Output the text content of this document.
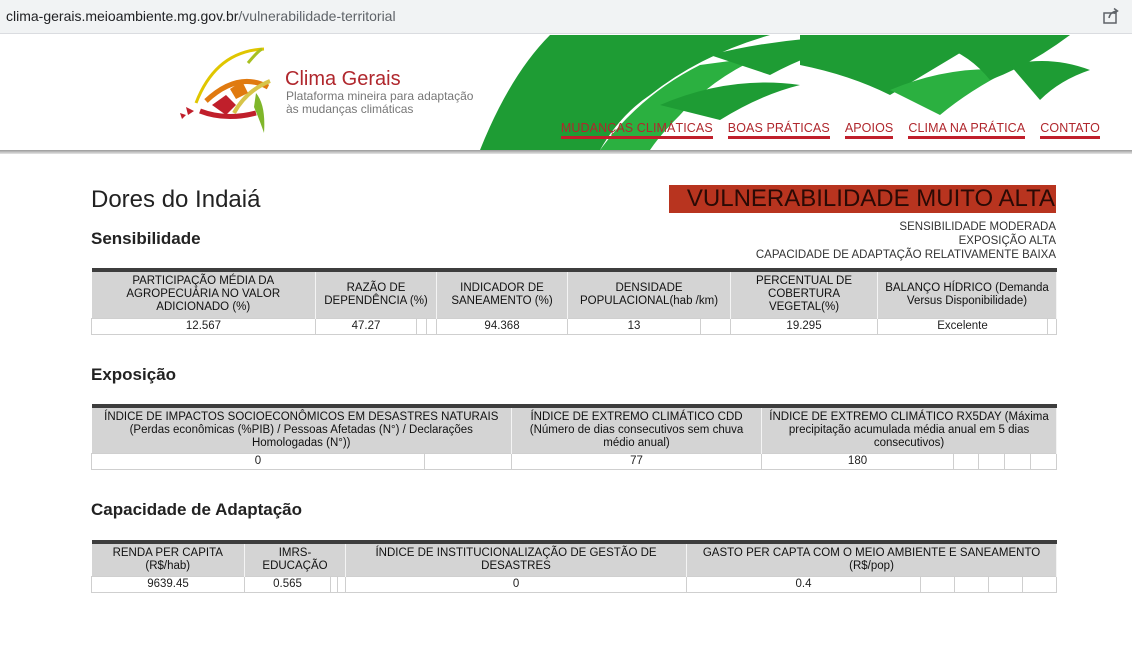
clima-gerais.meioambiente.mg.gov.br/vulnerabilidade-territorial
Clima Gerais
Plataforma mineira para adaptação
às mudanças climáticas
MUDANÇAS CLIMÁTICAS BOAS PRÁTICAS APOIOS CLIMA NA PRÁTICA CONTATO
Dores do Indaiá	VULNERABILIDADE MUITO ALTA
SENSIBILIDADE MODERADA
EXPOSIÇÃO ALTA
CAPACIDADE DE ADAPTAÇÃO RELATIVAMENTE BAIXA
Sensibilidade
PARTICIPAÇÃO MÉDIA DA AGROPECUÁRIA NO VALOR ADICIONADO (%)	RAZÃO DE DEPENDÊNCIA (%)			INDICADOR DE SANEAMENTO (%)	DENSIDADE POPULACIONAL(hab /km)		PERCENTUAL DE COBERTURA VEGETAL(%)	BALANÇO HÍDRICO (Demanda Versus Disponibilidade)	
12.567	47.27			94.368	13		19.295	Excelente	
Exposição
ÍNDICE DE IMPACTOS SOCIOECONÔMICOS EM DESASTRES NATURAIS (Perdas econômicas (%PIB) / Pessoas Afetadas (N°) / Declarações Homologadas (N°))		ÍNDICE DE EXTREMO CLIMÁTICO CDD (Número de dias consecutivos sem chuva médio anual)	ÍNDICE DE EXTREMO CLIMÁTICO RX5DAY (Máxima precipitação acumulada média anual em 5 dias consecutivos)				
0		77	180				
Capacidade de Adaptação
RENDA PER CAPITA (R$/hab)	IMRS-EDUCAÇÃO			ÍNDICE DE INSTITUCIONALIZAÇÃO DE GESTÃO DE DESASTRES	GASTO PER CAPTA COM O MEIO AMBIENTE E SANEAMENTO (R$/pop)				
9639.45	0.565			0	0.4				
